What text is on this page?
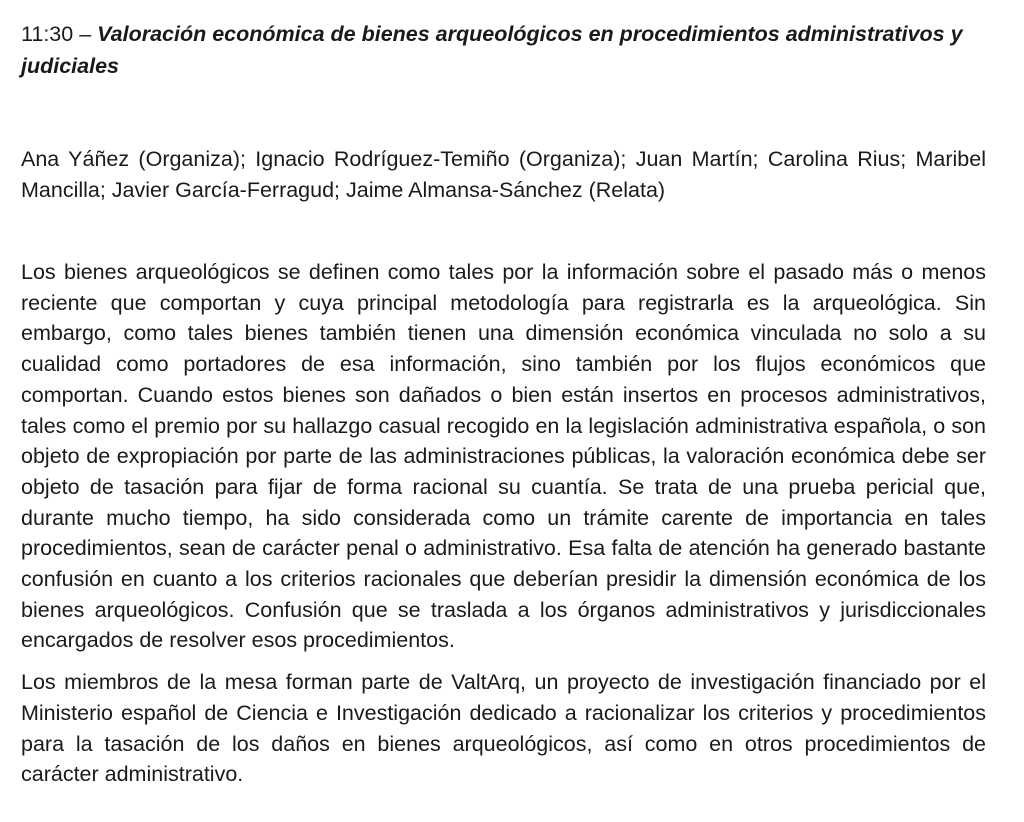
11:30 – Valoración económica de bienes arqueológicos en procedimientos administrativos y judiciales

Ana Yáñez (Organiza); Ignacio Rodríguez-Temiño (Organiza); Juan Martín; Carolina Rius; Maribel Mancilla; Javier García-Ferragud; Jaime Almansa-Sánchez (Relata)

Los bienes arqueológicos se definen como tales por la información sobre el pasado más o menos reciente que comportan y cuya principal metodología para registrarla es la arqueológica. Sin embargo, como tales bienes también tienen una dimensión económica vinculada no solo a su cualidad como portadores de esa información, sino también por los flujos económicos que comportan. Cuando estos bienes son dañados o bien están insertos en procesos administrativos, tales como el premio por su hallazgo casual recogido en la legislación administrativa española, o son objeto de expropiación por parte de las administraciones públicas, la valoración económica debe ser objeto de tasación para fijar de forma racional su cuantía. Se trata de una prueba pericial que, durante mucho tiempo, ha sido considerada como un trámite carente de importancia en tales procedimientos, sean de carácter penal o administrativo. Esa falta de atención ha generado bastante confusión en cuanto a los criterios racionales que deberían presidir la dimensión económica de los bienes arqueológicos. Confusión que se traslada a los órganos administrativos y jurisdiccionales encargados de resolver esos procedimientos.

Los miembros de la mesa forman parte de ValtArq, un proyecto de investigación financiado por el Ministerio español de Ciencia e Investigación dedicado a racionalizar los criterios y procedimientos para la tasación de los daños en bienes arqueológicos, así como en otros procedimientos de carácter administrativo.
